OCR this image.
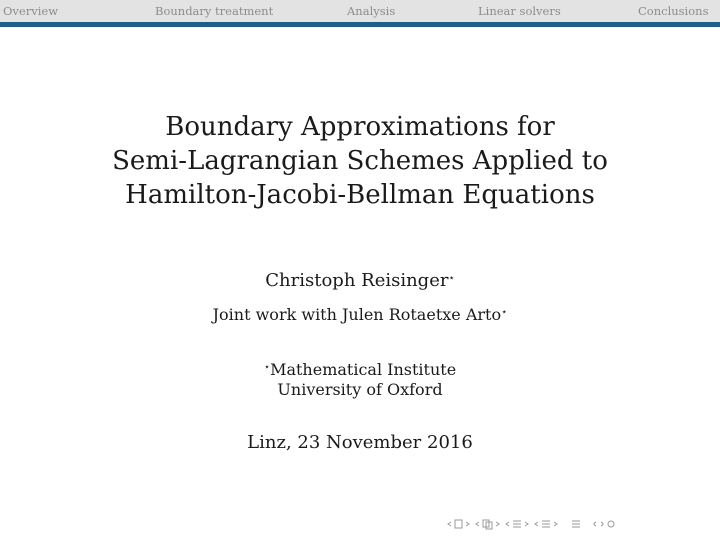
Overview	Boundary treatment	Analysis	Linear solvers	Conclusions
Boundary Approximations for
Semi-Lagrangian Schemes Applied to
Hamilton-Jacobi-Bellman Equations
Christoph Reisinger⋆
Joint work with Julen Rotaetxe Arto⋆
⋆Mathematical Institute
University of Oxford
Linz, 23 November 2016
